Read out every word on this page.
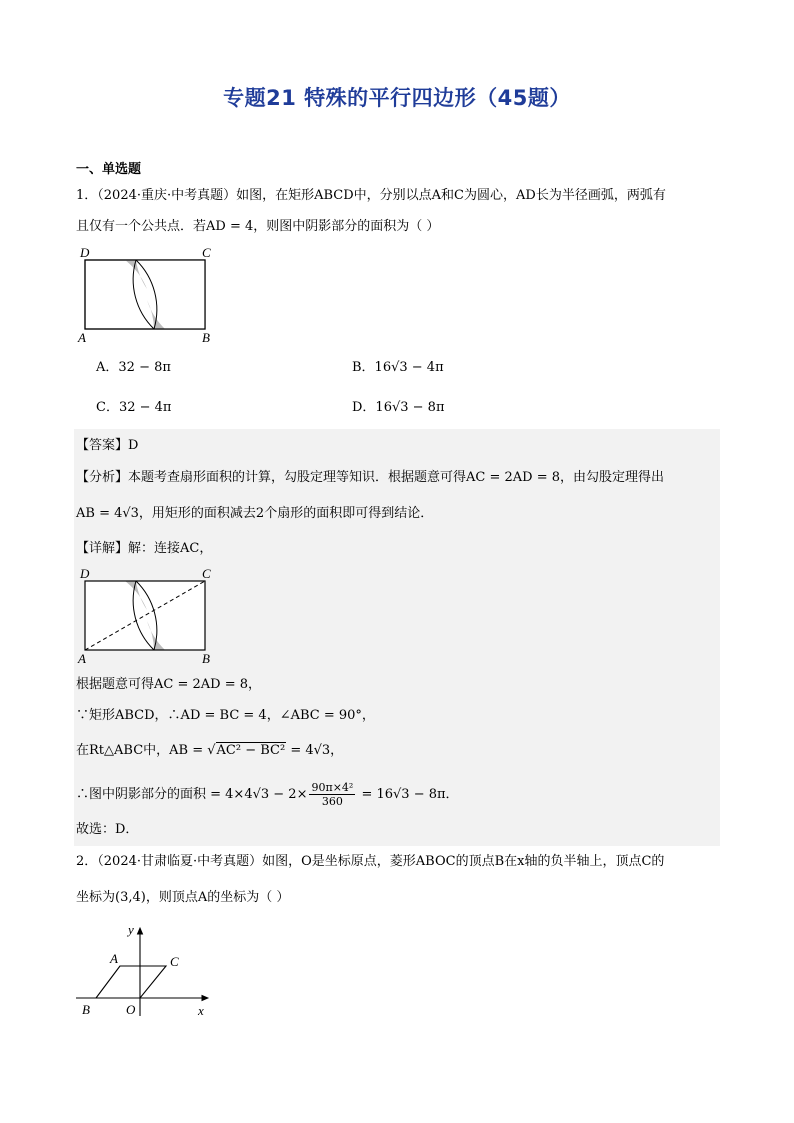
专题21 特殊的平行四边形（45题）
一、单选题
1．（2024·重庆·中考真题）如图，在矩形ABCD中，分别以点A和C为圆心，AD长为半径画弧，两弧有
且仅有一个公共点．若AD = 4，则图中阴影部分的面积为（ ）
D	C
A	B
A．32 − 8π	B．16√3 − 4π
C．32 − 4π	D．16√3 − 8π
【答案】D
【分析】本题考查扇形面积的计算，勾股定理等知识．根据题意可得AC = 2AD = 8，由勾股定理得出
AB = 4√3，用矩形的面积减去2个扇形的面积即可得到结论．
【详解】解：连接AC，
D	C
A	B
根据题意可得AC = 2AD = 8，
∵矩形ABCD，∴AD = BC = 4，∠ABC = 90°，
在Rt△ABC中，AB = √AC² − BC² = 4√3，
∴图中阴影部分的面积 = $4\times 4√3 - 2\times \frac{\text{90π×4²}}{360} = 16√3 - 8\pi$．
故选：D．
2．（2024·甘肃临夏·中考真题）如图，O是坐标原点，菱形ABOC的顶点B在x轴的负半轴上，顶点C的
坐标为(3,4)，则顶点A的坐标为（ ）
y
x
A	C
B	O
